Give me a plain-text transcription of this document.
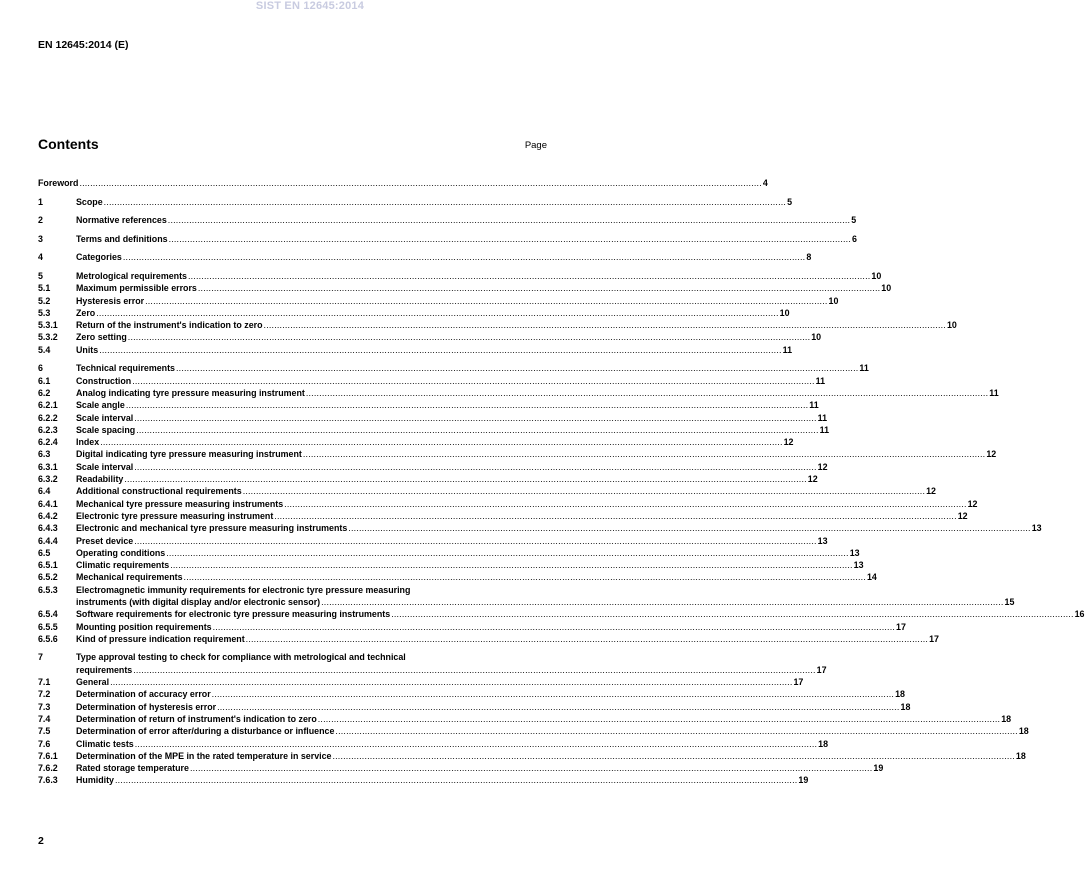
SIST EN 12645:2014
EN 12645:2014 (E)
Contents	Page
Foreword .....	4
1	Scope .....	5
2	Normative references .....	5
3	Terms and definitions .....	6
4	Categories .....	8
5	Metrological requirements .....	10
5.1	Maximum permissible errors .....	10
5.2	Hysteresis error .....	10
5.3	Zero .....	10
5.3.1	Return of the instrument's indication to zero .....	10
5.3.2	Zero setting .....	10
5.4	Units .....	11
6	Technical requirements .....	11
6.1	Construction .....	11
6.2	Analog indicating tyre pressure measuring instrument .....	11
6.2.1	Scale angle .....	11
6.2.2	Scale interval .....	11
6.2.3	Scale spacing .....	11
6.2.4	Index .....	12
6.3	Digital indicating tyre pressure measuring instrument .....	12
6.3.1	Scale interval .....	12
6.3.2	Readability .....	12
6.4	Additional constructional requirements .....	12
6.4.1	Mechanical tyre pressure measuring instruments .....	12
6.4.2	Electronic tyre pressure measuring instrument .....	12
6.4.3	Electronic and mechanical tyre pressure measuring instruments .....	13
6.4.4	Preset device .....	13
6.5	Operating conditions .....	13
6.5.1	Climatic requirements .....	13
6.5.2	Mechanical requirements .....	14
6.5.3	Electromagnetic immunity requirements for electronic tyre pressure measuring
instruments (with digital display and/or electronic sensor) .....	15
6.5.4	Software requirements for electronic tyre pressure measuring instruments .....	16
6.5.5	Mounting position requirements .....	17
6.5.6	Kind of pressure indication requirement .....	17
7	Type approval testing to check for compliance with metrological and technical
requirements .....	17
7.1	General .....	17
7.2	Determination of accuracy error .....	18
7.3	Determination of hysteresis error .....	18
7.4	Determination of return of instrument's indication to zero .....	18
7.5	Determination of error after/during a disturbance or influence .....	18
7.6	Climatic tests .....	18
7.6.1	Determination of the MPE in the rated temperature in service .....	18
7.6.2	Rated storage temperature .....	19
7.6.3	Humidity .....	19
2
